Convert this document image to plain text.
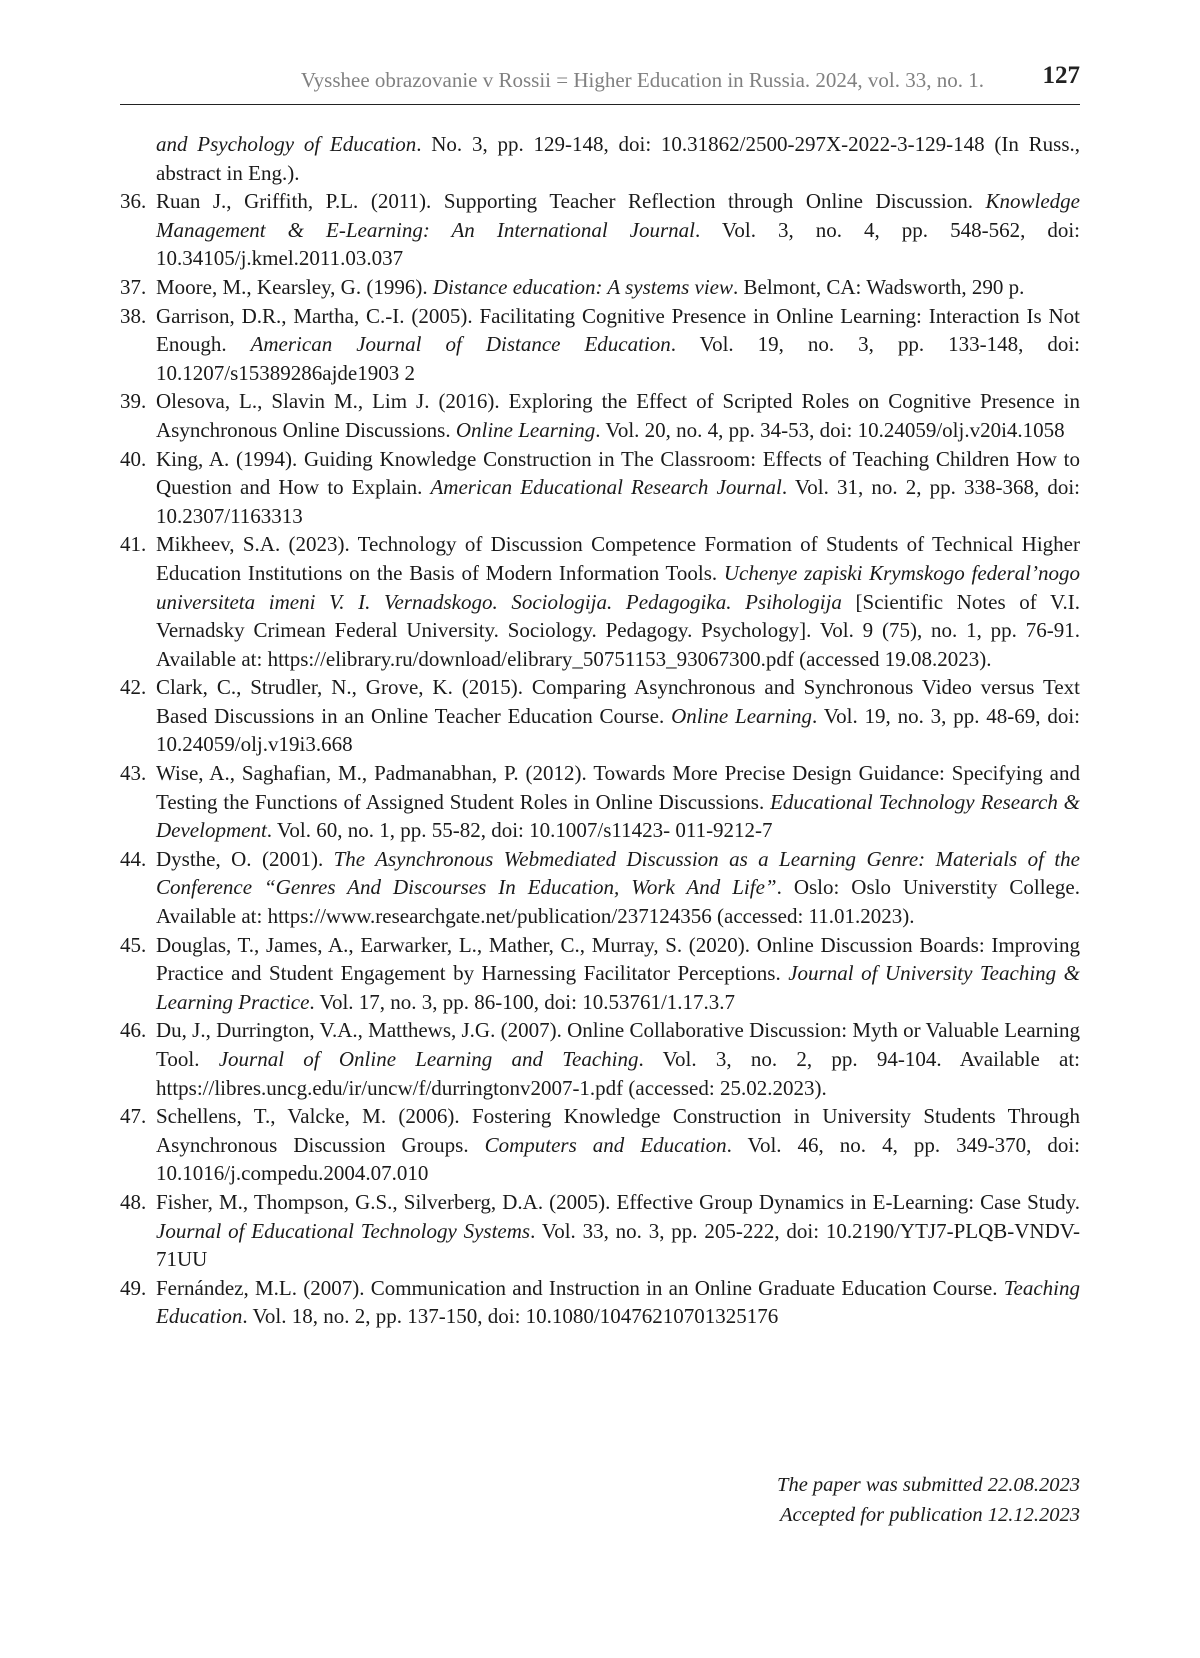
Vysshee obrazovanie v Rossii = Higher Education in Russia. 2024, vol. 33, no. 1. 127
and Psychology of Education. No. 3, pp. 129-148, doi: 10.31862/2500-297X-2022-3-129-148 (In Russ., abstract in Eng.).
36. Ruan J., Griffith, P.L. (2011). Supporting Teacher Reflection through Online Discussion. Knowledge Management & E-Learning: An International Journal. Vol. 3, no. 4, pp. 548-562, doi: 10.34105/j.kmel.2011.03.037
37. Moore, M., Kearsley, G. (1996). Distance education: A systems view. Belmont, CA: Wadsworth, 290 p.
38. Garrison, D.R., Martha, C.-I. (2005). Facilitating Cognitive Presence in Online Learning: Interaction Is Not Enough. American Journal of Distance Education. Vol. 19, no. 3, pp. 133-148, doi: 10.1207/s15389286ajde1903 2
39. Olesova, L., Slavin M., Lim J. (2016). Exploring the Effect of Scripted Roles on Cognitive Presence in Asynchronous Online Discussions. Online Learning. Vol. 20, no. 4, pp. 34-53, doi: 10.24059/olj.v20i4.1058
40. King, A. (1994). Guiding Knowledge Construction in The Classroom: Effects of Teaching Children How to Question and How to Explain. American Educational Research Journal. Vol. 31, no. 2, pp. 338-368, doi: 10.2307/1163313
41. Mikheev, S.A. (2023). Technology of Discussion Competence Formation of Students of Technical Higher Education Institutions on the Basis of Modern Information Tools. Uchenye zapiski Krymskogo federal’nogo universiteta imeni V. I. Vernadskogo. Sociologija. Pedagogika. Psihologija [Scientific Notes of V.I. Vernadsky Crimean Federal University. Sociology. Pedagogy. Psychology]. Vol. 9 (75), no. 1, pp. 76-91. Available at: https://elibrary.ru/download/elibrary_50751153_93067300.pdf (accessed 19.08.2023).
42. Clark, C., Strudler, N., Grove, K. (2015). Comparing Asynchronous and Synchronous Video versus Text Based Discussions in an Online Teacher Education Course. Online Learning. Vol. 19, no. 3, pp. 48-69, doi: 10.24059/olj.v19i3.668
43. Wise, A., Saghafian, M., Padmanabhan, P. (2012). Towards More Precise Design Guidance: Specifying and Testing the Functions of Assigned Student Roles in Online Discussions. Educational Technology Research & Development. Vol. 60, no. 1, pp. 55-82, doi: 10.1007/s11423- 011-9212-7
44. Dysthe, O. (2001). The Asynchronous Webmediated Discussion as a Learning Genre: Materials of the Conference “Genres And Discourses In Education, Work And Life”. Oslo: Oslo Universtity College. Available at: https://www.researchgate.net/publication/237124356 (accessed: 11.01.2023).
45. Douglas, T., James, A., Earwarker, L., Mather, C., Murray, S. (2020). Online Discussion Boards: Improving Practice and Student Engagement by Harnessing Facilitator Perceptions. Journal of University Teaching & Learning Practice. Vol. 17, no. 3, pp. 86-100, doi: 10.53761/1.17.3.7
46. Du, J., Durrington, V.A., Matthews, J.G. (2007). Online Collaborative Discussion: Myth or Valuable Learning Tool. Journal of Online Learning and Teaching. Vol. 3, no. 2, pp. 94-104. Available at: https://libres.uncg.edu/ir/uncw/f/durringtonv2007-1.pdf (accessed: 25.02.2023).
47. Schellens, T., Valcke, M. (2006). Fostering Knowledge Construction in University Students Through Asynchronous Discussion Groups. Computers and Education. Vol. 46, no. 4, pp. 349-370, doi: 10.1016/j.compedu.2004.07.010
48. Fisher, M., Thompson, G.S., Silverberg, D.A. (2005). Effective Group Dynamics in E-Learning: Case Study. Journal of Educational Technology Systems. Vol. 33, no. 3, pp. 205-222, doi: 10.2190/YTJ7-PLQB-VNDV-71UU
49. Fernández, M.L. (2007). Communication and Instruction in an Online Graduate Education Course. Teaching Education. Vol. 18, no. 2, pp. 137-150, doi: 10.1080/10476210701325176
The paper was submitted 22.08.2023
Accepted for publication 12.12.2023
